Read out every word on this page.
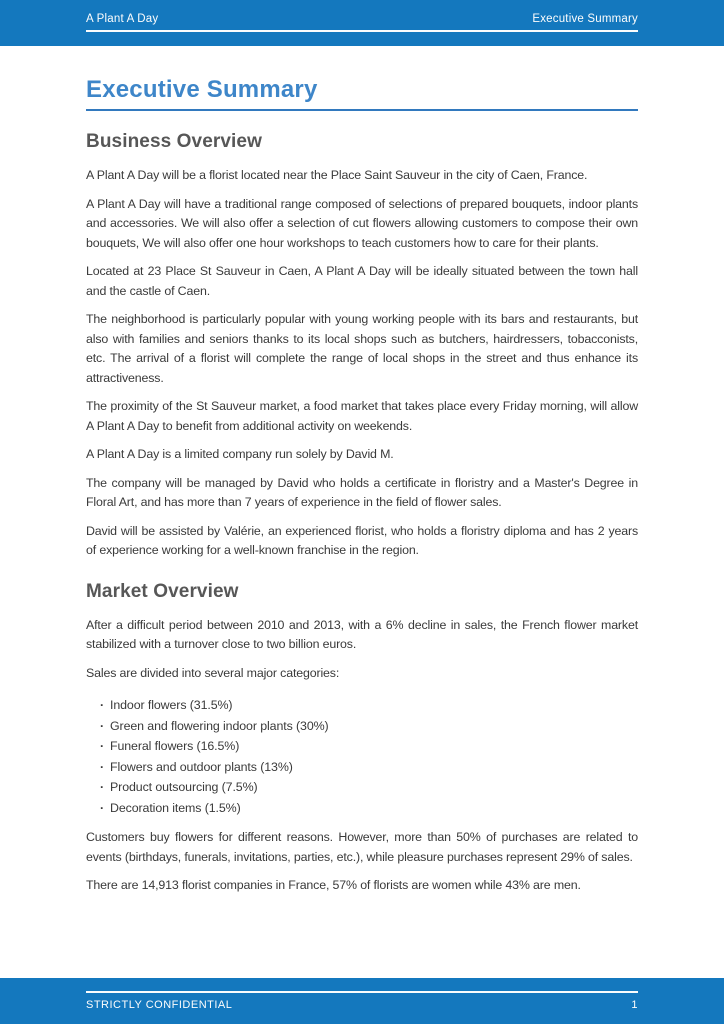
A Plant A Day	Executive Summary
Executive Summary
Business Overview

A Plant A Day will be a florist located near the Place Saint Sauveur in the city of Caen, France.

A Plant A Day will have a traditional range composed of selections of prepared bouquets, indoor plants and accessories. We will also offer a selection of cut flowers allowing customers to compose their own bouquets, We will also offer one hour workshops to teach customers how to care for their plants.

Located at 23 Place St Sauveur in Caen, A Plant A Day will be ideally situated between the town hall and the castle of Caen.

The neighborhood is particularly popular with young working people with its bars and restaurants, but also with families and seniors thanks to its local shops such as butchers, hairdressers, tobacconists, etc. The arrival of a florist will complete the range of local shops in the street and thus enhance its attractiveness.

The proximity of the St Sauveur market, a food market that takes place every Friday morning, will allow A Plant A Day to benefit from additional activity on weekends.

A Plant A Day is a limited company run solely by David M.

The company will be managed by David who holds a certificate in floristry and a Master's Degree in Floral Art, and has more than 7 years of experience in the field of flower sales.

David will be assisted by Valérie, an experienced florist, who holds a floristry diploma and has 2 years of experience working for a well-known franchise in the region.

Market Overview

After a difficult period between 2010 and 2013, with a 6% decline in sales, the French flower market stabilized with a turnover close to two billion euros.

Sales are divided into several major categories:

· Indoor flowers (31.5%)
· Green and flowering indoor plants (30%)
· Funeral flowers (16.5%)
· Flowers and outdoor plants (13%)
· Product outsourcing (7.5%)
· Decoration items (1.5%)

Customers buy flowers for different reasons. However, more than 50% of purchases are related to events (birthdays, funerals, invitations, parties, etc.), while pleasure purchases represent 29% of sales.

There are 14,913 florist companies in France, 57% of florists are women while 43% are men.

STRICTLY CONFIDENTIAL	1
